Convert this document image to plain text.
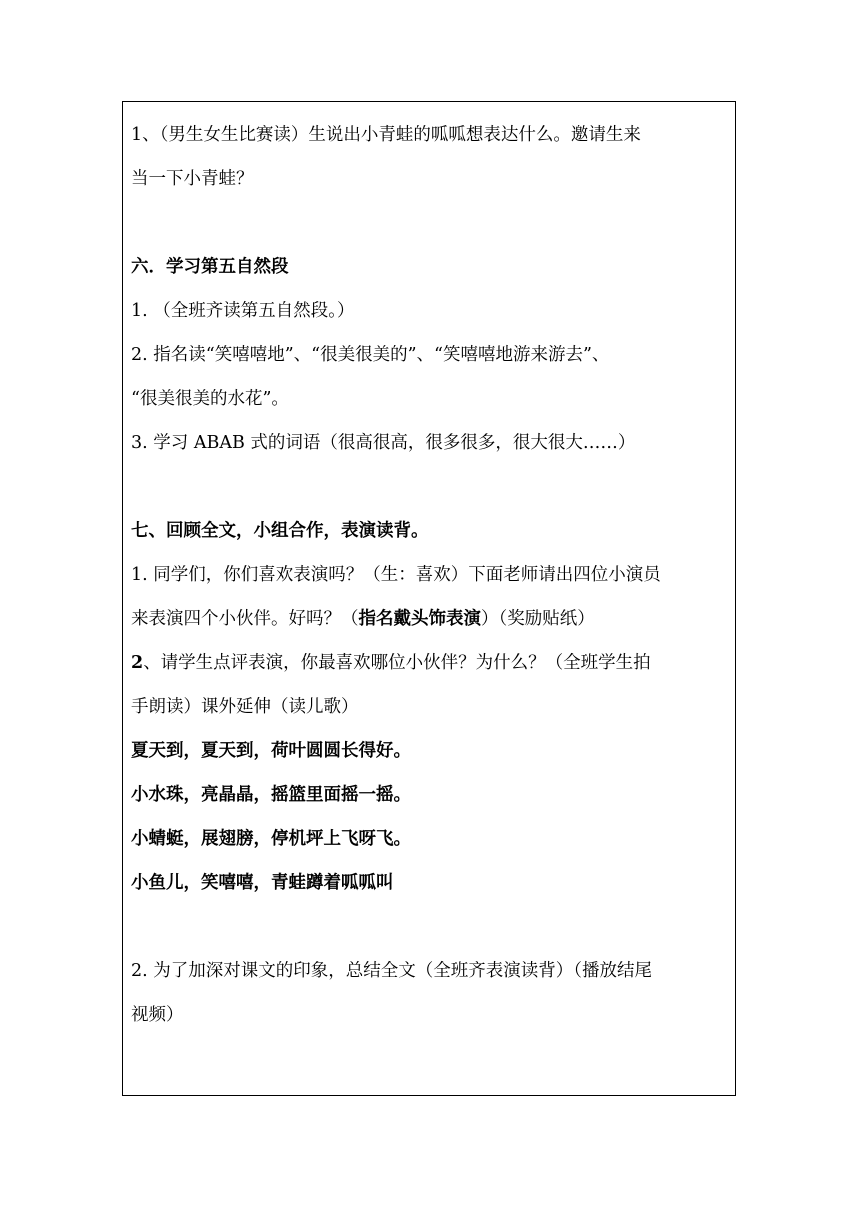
1、（男生女生比赛读）生说出小青蛙的呱呱想表达什么。邀请生来
当一下小青蛙？
六．学习第五自然段
1. （全班齐读第五自然段。）
2. 指名读“笑嘻嘻地”、“很美很美的”、“笑嘻嘻地游来游去”、
“很美很美的水花”。
3. 学习 ABAB 式的词语（很高很高，很多很多，很大很大……）
七、回顾全文，小组合作，表演读背。
1. 同学们，你们喜欢表演吗？（生：喜欢）下面老师请出四位小演员
来表演四个小伙伴。好吗？（指名戴头饰表演）（奖励贴纸）
2、请学生点评表演，你最喜欢哪位小伙伴？为什么？（全班学生拍
手朗读）课外延伸（读儿歌）
夏天到，夏天到，荷叶圆圆长得好。
小水珠，亮晶晶，摇篮里面摇一摇。
小蜻蜓，展翅膀，停机坪上飞呀飞。
小鱼儿，笑嘻嘻，青蛙蹲着呱呱叫
2. 为了加深对课文的印象，总结全文（全班齐表演读背）（播放结尾
视频）
